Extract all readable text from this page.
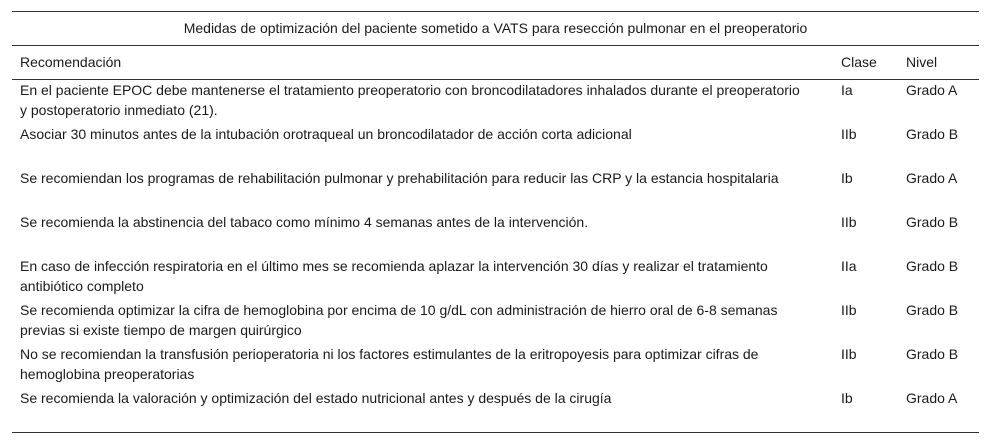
Medidas de optimización del paciente sometido a VATS para resección pulmonar en el preoperatorio		
Recomendación	Clase	Nivel
En el paciente EPOC debe mantenerse el tratamiento preoperatorio con broncodilatadores inhalados durante el preoperatorio y postoperatorio inmediato (21).	Ia	Grado A
Asociar 30 minutos antes de la intubación orotraqueal un broncodilatador de acción corta adicional	IIb	Grado B
Se recomiendan los programas de rehabilitación pulmonar y prehabilitación para reducir las CRP y la estancia hospitalaria	Ib	Grado A
Se recomienda la abstinencia del tabaco como mínimo 4 semanas antes de la intervención.	IIb	Grado B
En caso de infección respiratoria en el último mes se recomienda aplazar la intervención 30 días y realizar el tratamiento antibiótico completo	IIa	Grado B
Se recomienda optimizar la cifra de hemoglobina por encima de 10 g/dL con administración de hierro oral de 6-8 semanas previas si existe tiempo de margen quirúrgico	IIb	Grado B
No se recomiendan la transfusión perioperatoria ni los factores estimulantes de la eritropoyesis para optimizar cifras de hemoglobina preoperatorias	IIb	Grado B
Se recomienda la valoración y optimización del estado nutricional antes y después de la cirugía	Ib	Grado A
